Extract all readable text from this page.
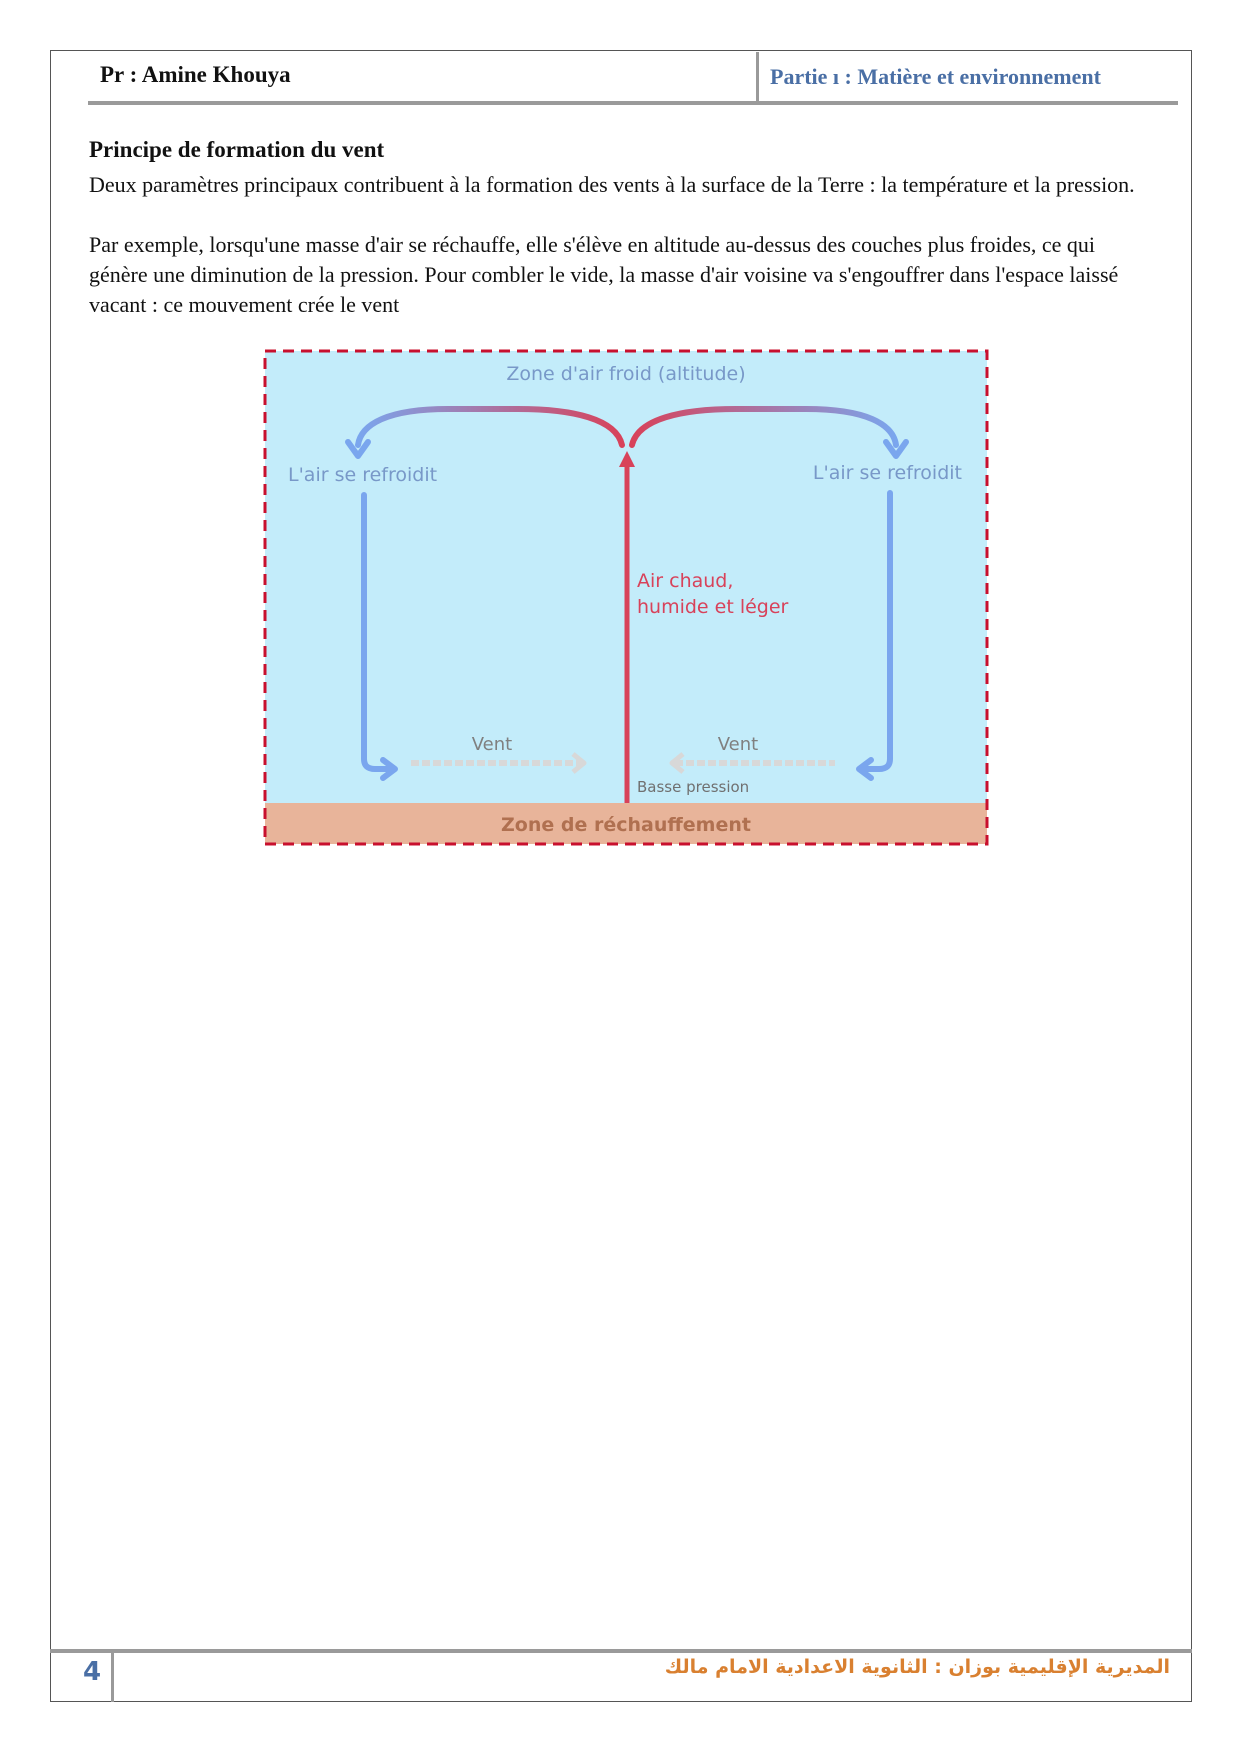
Pr : Amine Khouya	Partie ı : Matière et environnement
Principe de formation du vent

Deux paramètres principaux contribuent à la formation des vents à la surface de la Terre : la température et la pression.

Par exemple, lorsqu'une masse d'air se réchauffe, elle s'élève en altitude au-dessus des couches plus froides, ce qui génère une diminution de la pression. Pour combler le vide, la masse d'air voisine va s'engouffrer dans l'espace laissé vacant : ce mouvement crée le vent

Zone d'air froid (altitude)
L'air se refroidit	L'air se refroidit
Air chaud,
humide et léger
Vent	Vent
Basse pression
Zone de réchauffement
4	المديرية الإقليمية بوزان : الثانوية الاعدادية الامام مالك
